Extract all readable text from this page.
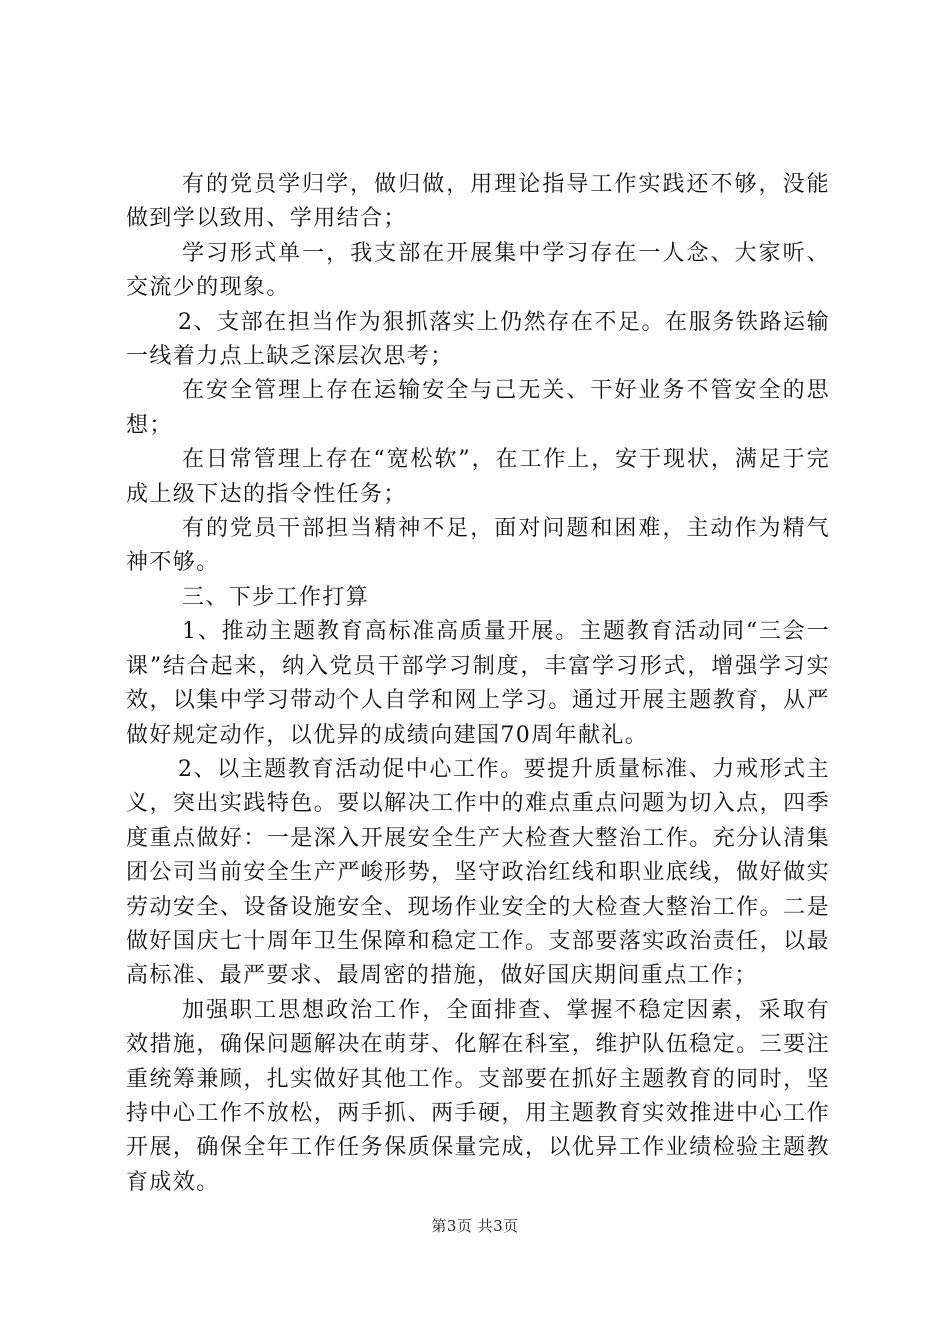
有的党员学归学，做归做，用理论指导工作实践还不够，没能做到学以致用、学用结合；

学习形式单一，我支部在开展集中学习存在一人念、大家听、交流少的现象。

2、支部在担当作为狠抓落实上仍然存在不足。在服务铁路运输一线着力点上缺乏深层次思考；

在安全管理上存在运输安全与己无关、干好业务不管安全的思想；

在日常管理上存在“宽松软”，在工作上，安于现状，满足于完成上级下达的指令性任务；

有的党员干部担当精神不足，面对问题和困难，主动作为精气神不够。

三、下步工作打算

1、推动主题教育高标准高质量开展。主题教育活动同“三会一课”结合起来，纳入党员干部学习制度，丰富学习形式，增强学习实效，以集中学习带动个人自学和网上学习。通过开展主题教育，从严做好规定动作，以优异的成绩向建国70周年献礼。

2、以主题教育活动促中心工作。要提升质量标准、力戒形式主义，突出实践特色。要以解决工作中的难点重点问题为切入点，四季度重点做好：一是深入开展安全生产大检查大整治工作。充分认清集团公司当前安全生产严峻形势，坚守政治红线和职业底线，做好做实劳动安全、设备设施安全、现场作业安全的大检查大整治工作。二是做好国庆七十周年卫生保障和稳定工作。支部要落实政治责任，以最高标准、最严要求、最周密的措施，做好国庆期间重点工作；

加强职工思想政治工作，全面排查、掌握不稳定因素，采取有效措施，确保问题解决在萌芽、化解在科室，维护队伍稳定。三要注重统筹兼顾，扎实做好其他工作。支部要在抓好主题教育的同时，坚持中心工作不放松，两手抓、两手硬，用主题教育实效推进中心工作开展，确保全年工作任务保质保量完成，以优异工作业绩检验主题教育成效。

第3页 共3页
